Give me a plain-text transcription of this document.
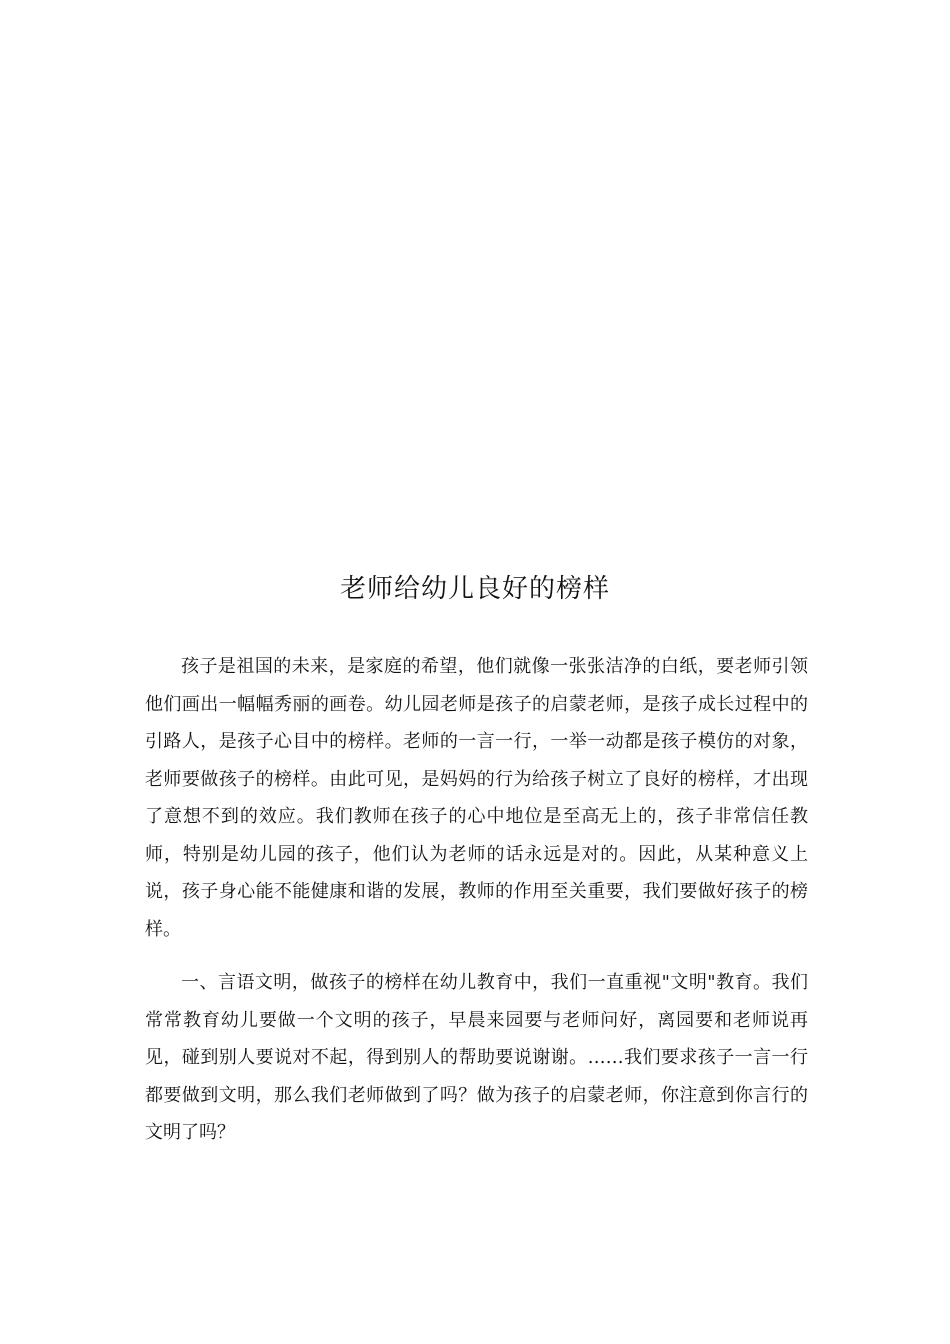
老师给幼儿良好的榜样

孩子是祖国的未来，是家庭的希望，他们就像一张张洁净的白纸，要老师引领他们画出一幅幅秀丽的画卷。幼儿园老师是孩子的启蒙老师，是孩子成长过程中的引路人，是孩子心目中的榜样。老师的一言一行，一举一动都是孩子模仿的对象，老师要做孩子的榜样。由此可见，是妈妈的行为给孩子树立了良好的榜样，才出现了意想不到的效应。我们教师在孩子的心中地位是至高无上的，孩子非常信任教师，特别是幼儿园的孩子，他们认为老师的话永远是对的。因此，从某种意义上说，孩子身心能不能健康和谐的发展，教师的作用至关重要，我们要做好孩子的榜样。

一、言语文明，做孩子的榜样在幼儿教育中，我们一直重视"文明"教育。我们常常教育幼儿要做一个文明的孩子，早晨来园要与老师问好，离园要和老师说再见，碰到别人要说对不起，得到别人的帮助要说谢谢。……我们要求孩子一言一行都要做到文明，那么我们老师做到了吗？做为孩子的启蒙老师，你注意到你言行的文明了吗？
